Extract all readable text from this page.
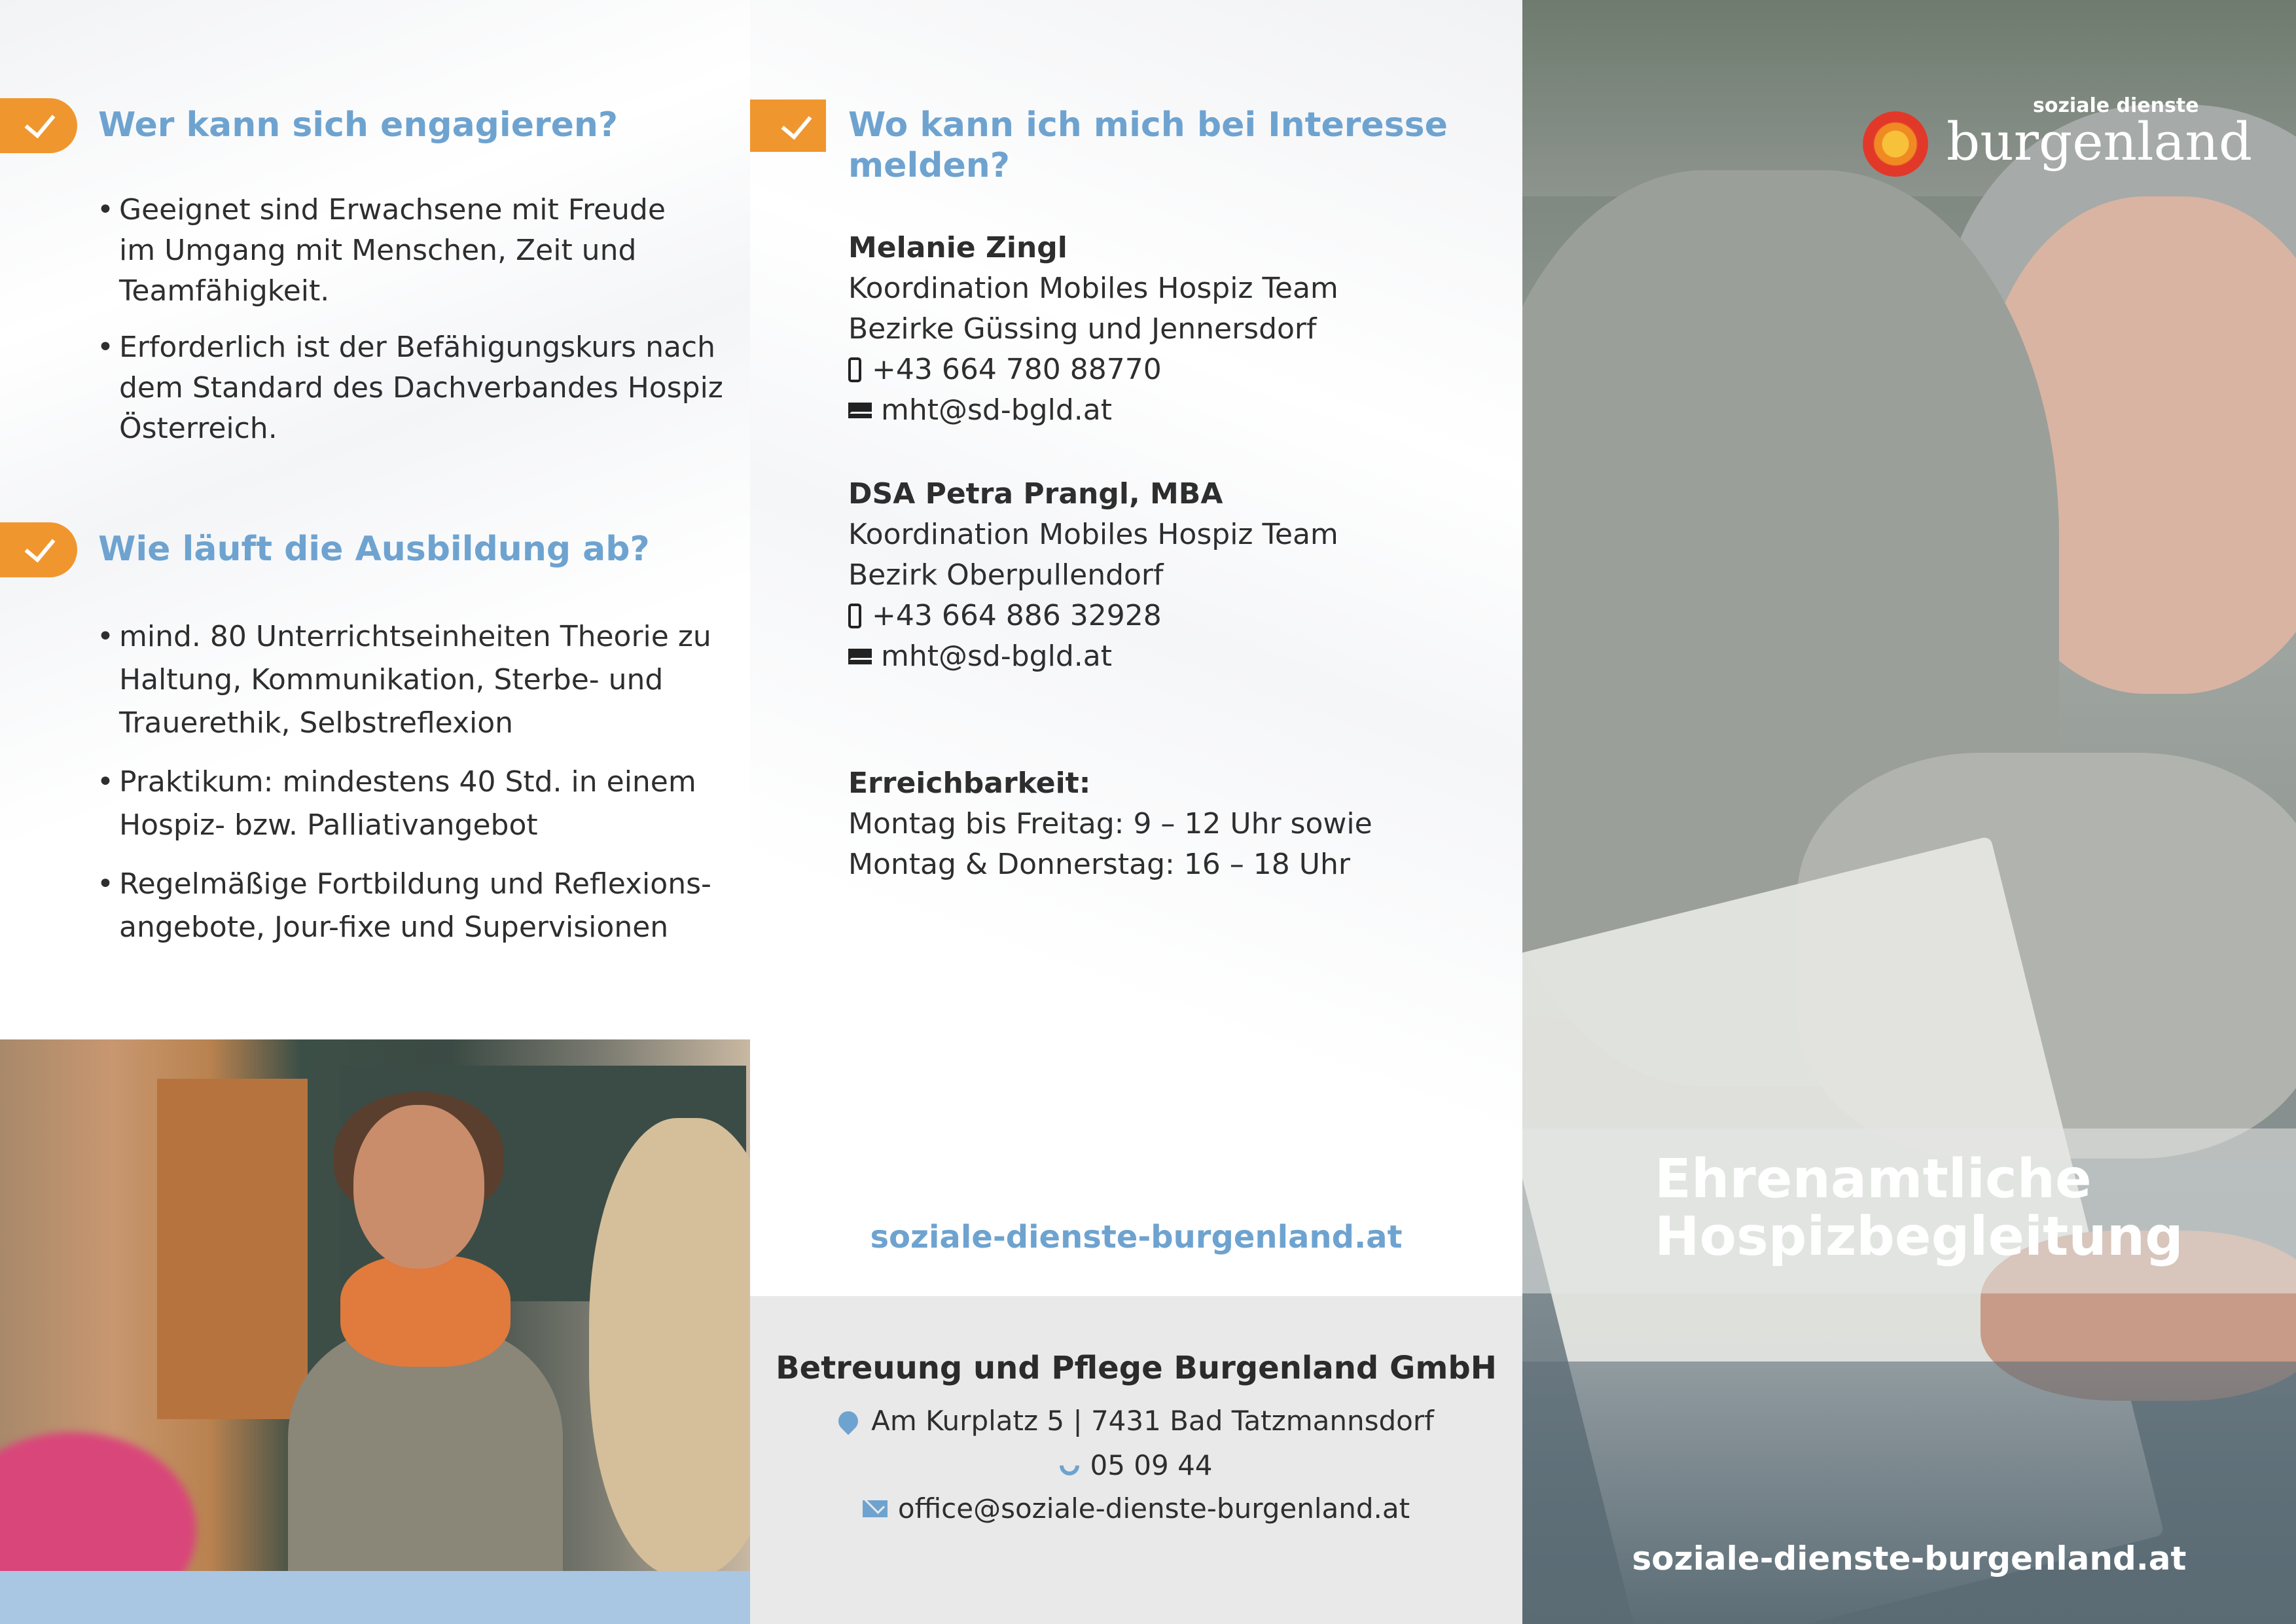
Wer kann sich engagieren?
• Geeignet sind Erwachsene mit Freude
im Umgang mit Menschen, Zeit und
Teamfähigkeit.
• Erforderlich ist der Befähigungskurs nach
dem Standard des Dachverbandes Hospiz
Österreich.
Wie läuft die Ausbildung ab?
• mind. 80 Unterrichtseinheiten Theorie zu
Haltung, Kommunikation, Sterbe- und
Trauerethik, Selbstreflexion
• Praktikum: mindestens 40 Std. in einem
Hospiz- bzw. Palliativangebot
• Regelmäßige Fortbildung und Reflexions-
angebote, Jour-fixe und Supervisionen
Wo kann ich mich bei Interesse
melden?
Melanie Zingl
Koordination Mobiles Hospiz Team
Bezirke Güssing und Jennersdorf
+43 664 780 88770
mht@sd-bgld.at
DSA Petra Prangl, MBA
Koordination Mobiles Hospiz Team
Bezirk Oberpullendorf
+43 664 886 32928
mht@sd-bgld.at
Erreichbarkeit:
Montag bis Freitag: 9 – 12 Uhr sowie
Montag & Donnerstag: 16 – 18 Uhr
soziale-dienste-burgenland.at
Betreuung und Pflege Burgenland GmbH
Am Kurplatz 5 | 7431 Bad Tatzmannsdorf
05 09 44
office@soziale-dienste-burgenland.at
soziale dienste
burgenland
Ehrenamtliche
Hospizbegleitung
soziale-dienste-burgenland.at
